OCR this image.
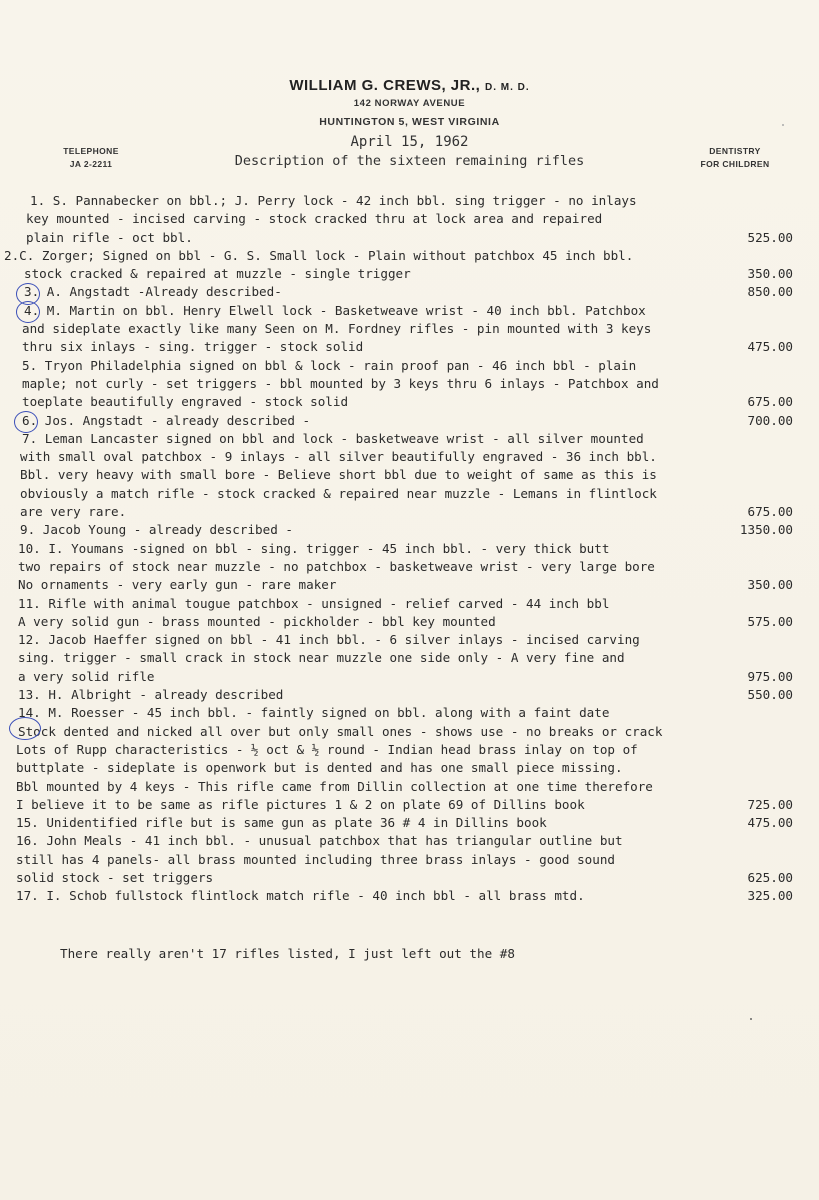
WILLIAM G. CREWS, JR., D. M. D.
142 NORWAY AVENUE
HUNTINGTON 5, WEST VIRGINIA
TELEPHONE
JA 2-2211
DENTISTRY
FOR CHILDREN
April 15, 1962
Description of the sixteen remaining rifles
1. S. Pannabecker on bbl.; J. Perry lock - 42 inch bbl. sing trigger - no inlays
key mounted - incised carving - stock cracked thru at lock area and repaired
plain rifle - oct bbl.	525.00
2.C. Zorger; Signed on bbl - G. S. Small lock - Plain without patchbox 45 inch bbl.
stock cracked & repaired at muzzle - single trigger	350.00
3. A. Angstadt -Already described-	850.00
4. M. Martin on bbl. Henry Elwell lock - Basketweave wrist - 40 inch bbl. Patchbox
and sideplate exactly like many Seen on M. Fordney rifles - pin mounted with 3 keys
thru six inlays - sing. trigger - stock solid	475.00
5. Tryon Philadelphia signed on bbl & lock - rain proof pan - 46 inch bbl - plain
maple; not curly - set triggers - bbl mounted by 3 keys thru 6 inlays - Patchbox and
toeplate beautifully engraved - stock solid	675.00
6. Jos. Angstadt - already described -	700.00
7. Leman Lancaster signed on bbl and lock - basketweave wrist - all silver mounted
with small oval patchbox - 9 inlays - all silver beautifully engraved - 36 inch bbl.
Bbl. very heavy with small bore - Believe short bbl due to weight of same as this is
obviously a match rifle - stock cracked & repaired near muzzle - Lemans in flintlock
are very rare.	675.00
9. Jacob Young - already described -	1350.00
10. I. Youmans -signed on bbl - sing. trigger - 45 inch bbl. - very thick butt
two repairs of stock near muzzle - no patchbox - basketweave wrist - very large bore
No ornaments - very early gun - rare maker	350.00
11. Rifle with animal tougue patchbox - unsigned - relief carved - 44 inch bbl
A very solid gun - brass mounted - pickholder - bbl key mounted	575.00
12. Jacob Haeffer signed on bbl - 41 inch bbl. - 6 silver inlays - incised carving
sing. trigger - small crack in stock near muzzle one side only - A very fine and
a very solid rifle	975.00
13. H. Albright - already described	550.00
14. M. Roesser - 45 inch bbl. - faintly signed on bbl. along with a faint date
Stock dented and nicked all over but only small ones - shows use - no breaks or crack
Lots of Rupp characteristics - ½ oct & ½ round - Indian head brass inlay on top of
buttplate - sideplate is openwork but is dented and has one small piece missing.
Bbl mounted by 4 keys - This rifle came from Dillin collection at one time therefore
I believe it to be same as rifle pictures 1 & 2 on plate 69 of Dillins book	725.00
15. Unidentified rifle but is same gun as plate 36 # 4 in Dillins book	475.00
16. John Meals - 41 inch bbl. - unusual patchbox that has triangular outline but
still has 4 panels- all brass mounted including three brass inlays - good sound
solid stock - set triggers	625.00
17. I. Schob fullstock flintlock match rifle - 40 inch bbl - all brass mtd.	325.00
There really aren't 17 rifles listed, I just left out the #8
